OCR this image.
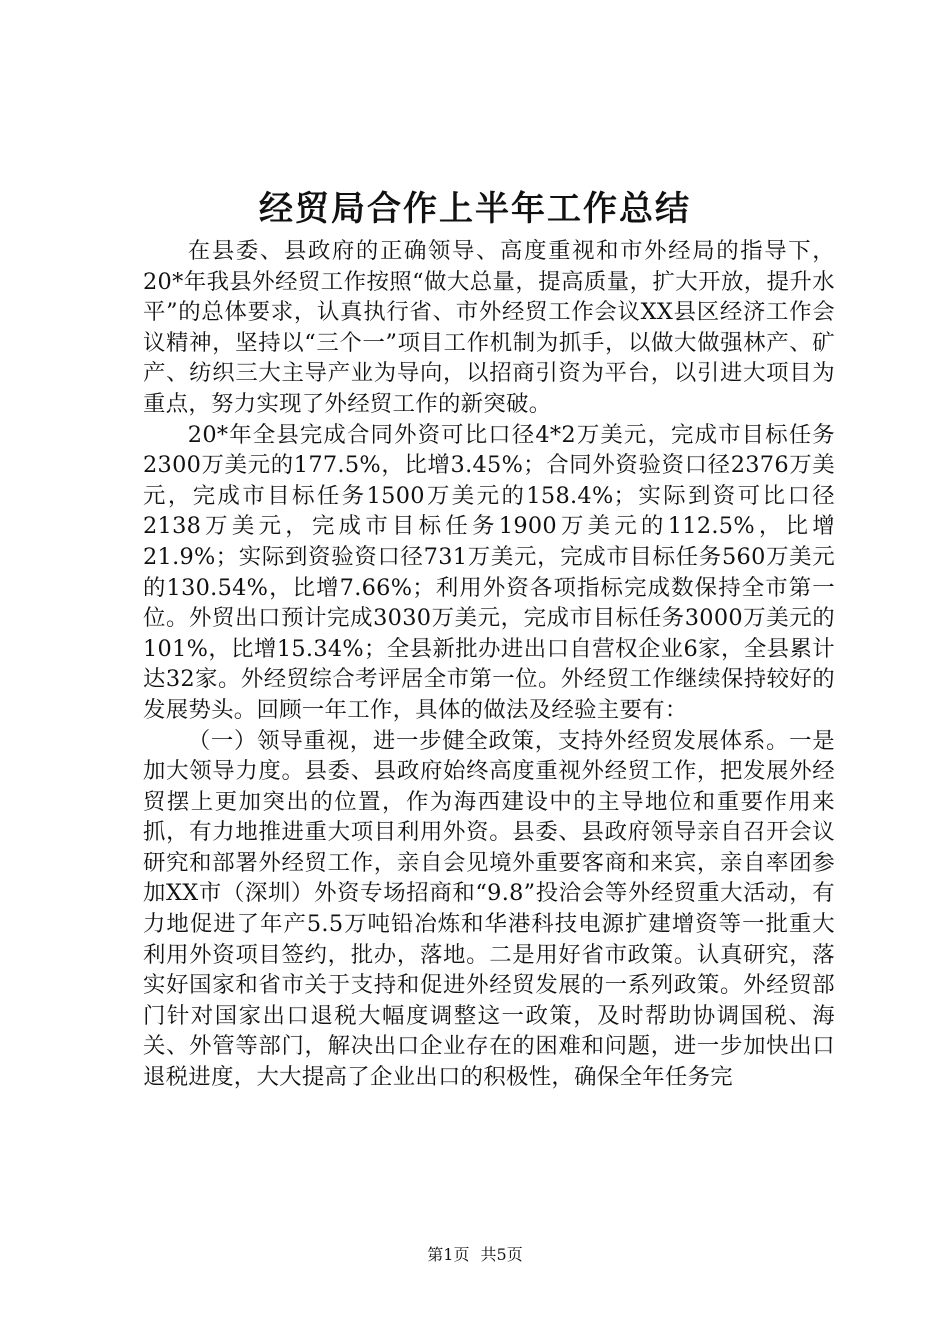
经贸局合作上半年工作总结

在县委、县政府的正确领导、高度重视和市外经局的指导下，20*年我县外经贸工作按照“做大总量，提高质量，扩大开放，提升水平”的总体要求，认真执行省、市外经贸工作会议XX县区经济工作会议精神，坚持以“三个一”项目工作机制为抓手，以做大做强林产、矿产、纺织三大主导产业为导向，以招商引资为平台，以引进大项目为重点，努力实现了外经贸工作的新突破。

20*年全县完成合同外资可比口径4*2万美元，完成市目标任务2300万美元的177.5%，比增3.45%；合同外资验资口径2376万美元，完成市目标任务1500万美元的158.4%；实际到资可比口径2138万美元，完成市目标任务1900万美元的112.5%，比增21.9%；实际到资验资口径731万美元，完成市目标任务560万美元的130.54%，比增7.66%；利用外资各项指标完成数保持全市第一位。外贸出口预计完成3030万美元，完成市目标任务3000万美元的101%，比增15.34%；全县新批办进出口自营权企业6家，全县累计达32家。外经贸综合考评居全市第一位。外经贸工作继续保持较好的发展势头。回顾一年工作，具体的做法及经验主要有：

（一）领导重视，进一步健全政策，支持外经贸发展体系。一是加大领导力度。县委、县政府始终高度重视外经贸工作，把发展外经贸摆上更加突出的位置，作为海西建设中的主导地位和重要作用来抓，有力地推进重大项目利用外资。县委、县政府领导亲自召开会议研究和部署外经贸工作，亲自会见境外重要客商和来宾，亲自率团参加XX市（深圳）外资专场招商和“9.8”投洽会等外经贸重大活动，有力地促进了年产5.5万吨铅冶炼和华港科技电源扩建增资等一批重大利用外资项目签约，批办，落地。二是用好省市政策。认真研究，落实好国家和省市关于支持和促进外经贸发展的一系列政策。外经贸部门针对国家出口退税大幅度调整这一政策，及时帮助协调国税、海关、外管等部门，解决出口企业存在的困难和问题，进一步加快出口退税进度，大大提高了企业出口的积极性，确保全年任务完

第1页 共5页
